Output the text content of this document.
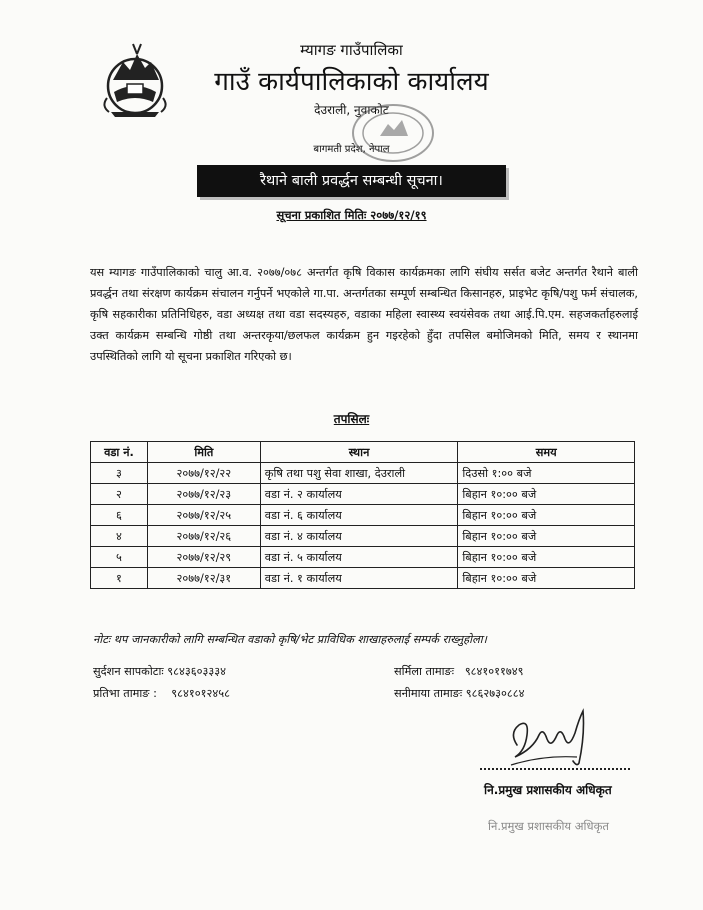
म्यागङ गाउँपालिका
गाउँ कार्यपालिकाको कार्यालय
देउराली, नुवाकोट
बागमती प्रदेश, नेपाल
रैथाने बाली प्रवर्द्धन सम्बन्धी सूचना।
सूचना प्रकाशित मितिः २०७७/१२/१९
यस म्यागङ गाउँपालिकाको चालु आ.व. २०७७/०७८ अन्तर्गत कृषि विकास कार्यक्रमका लागि संघीय सर्सत बजेट अन्तर्गत रैथाने बाली प्रवर्द्धन तथा संरक्षण कार्यक्रम संचालन गर्नुपर्ने भएकोले गा.पा. अन्तर्गतका सम्पूर्ण सम्बन्धित किसानहरु, प्राइभेट कृषि/पशु फर्म संचालक, कृषि सहकारीका प्रतिनिधिहरु, वडा अध्यक्ष तथा वडा सदस्यहरु, वडाका महिला स्वास्थ्य स्वयंसेवक तथा आई.पि.एम. सहजकर्ताहरुलाई उक्त कार्यक्रम सम्बन्धि गोष्ठी तथा अन्तरकृया/छलफल कार्यक्रम हुन गइरहेको हुँदा तपसिल बमोजिमको मिति, समय र स्थानमा उपस्थितिको लागि यो सूचना प्रकाशित गरिएको छ।
तपसिलः
वडा नं.	मिति	स्थान	समय
३	२०७७/१२/२२	कृषि तथा पशु सेवा शाखा, देउराली	दिउसो १:०० बजे
२	२०७७/१२/२३	वडा नं. २ कार्यालय	बिहान १०:०० बजे
६	२०७७/१२/२५	वडा नं. ६ कार्यालय	बिहान १०:०० बजे
४	२०७७/१२/२६	वडा नं. ४ कार्यालय	बिहान १०:०० बजे
५	२०७७/१२/२९	वडा नं. ५ कार्यालय	बिहान १०:०० बजे
१	२०७७/१२/३१	वडा नं. १ कार्यालय	बिहान १०:०० बजे
नोटः थप जानकारीको लागि सम्बन्धित वडाको कृषि/भेट प्राविधिक शाखाहरुलाई सम्पर्क राख्नुहोला।
सुर्दशन सापकोटाः ९८४३६०३३३४
प्रतिभा तामाङ : ९८४१०१२४५८
सर्मिला तामाङः ९८४१०११७४९
सनीमाया तामाङः ९८६२७३०८८४
नि.प्रमुख प्रशासकीय अधिकृत
नि.प्रमुख प्रशासकीय अधिकृत
